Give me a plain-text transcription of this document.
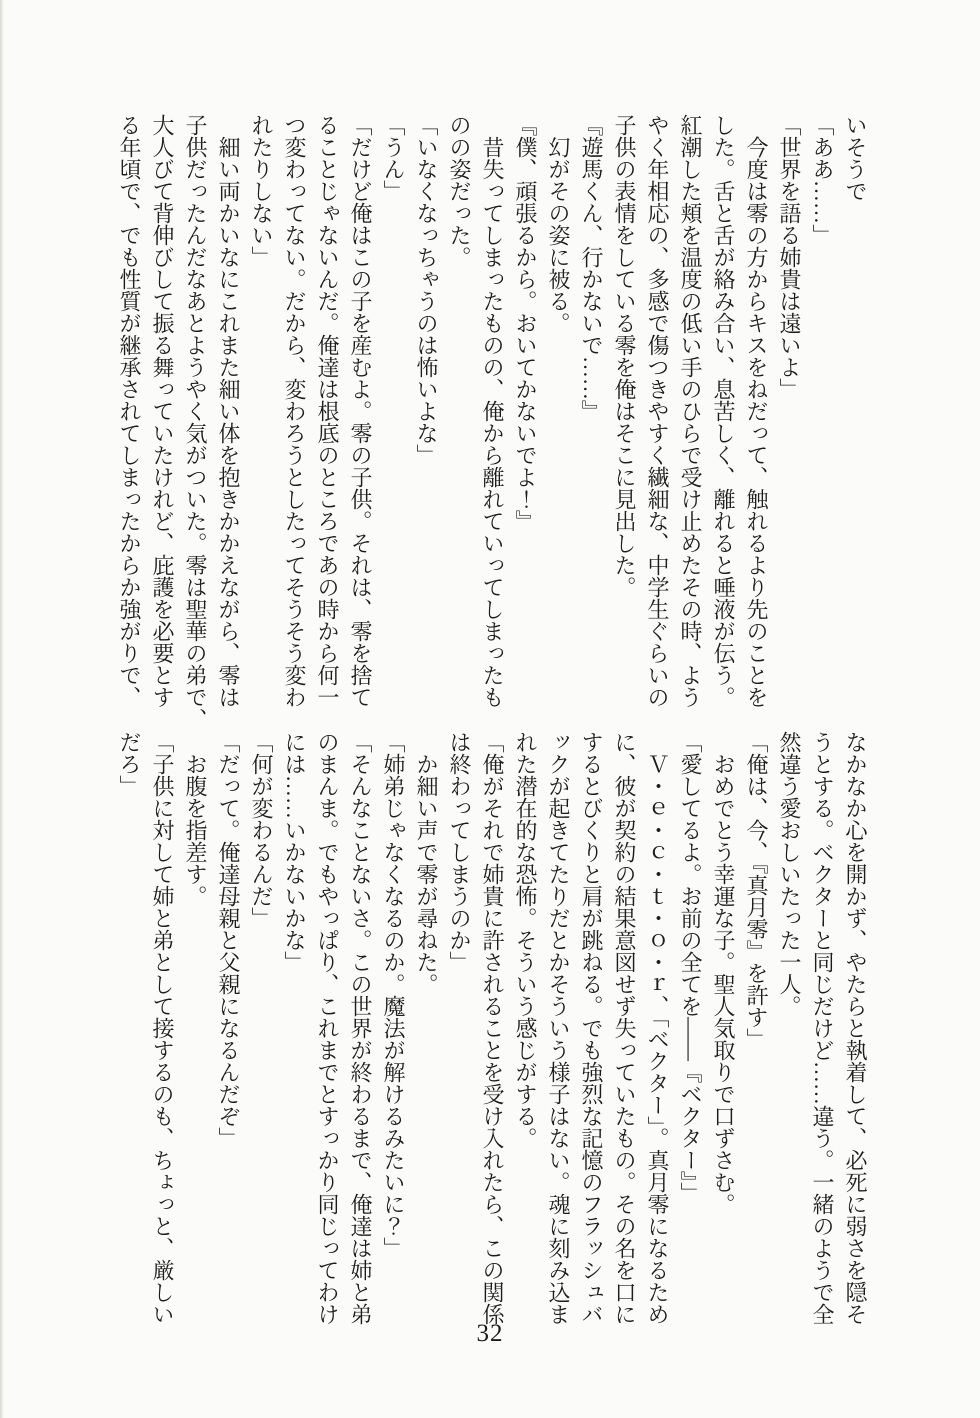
いそうで

「ああ……」

「世界を語る姉貴は遠いよ」

今度は零の方からキスをねだって、触れるより先のことを

した。舌と舌が絡み合い、息苦しく、離れると唾液が伝う。

紅潮した頬を温度の低い手のひらで受け止めたその時、よう

やく年相応の、多感で傷つきやすく繊細な、中学生ぐらいの

子供の表情をしている零を俺はそこに見出した。

『遊馬くん、行かないで……』

幻がその姿に被る。

『僕、頑張るから。おいてかないでよ！』

昔失ってしまったものの、俺から離れていってしまったも

のの姿だった。

「いなくなっちゃうのは怖いよな」

「うん」

「だけど俺はこの子を産むよ。零の子供。それは、零を捨て

ることじゃないんだ。俺達は根底のところであの時から何一

つ変わってない。だから、変わろうとしたってそうそう変わ

れたりしない」

細い両かいなにこれまた細い体を抱きかかえながら、零は

子供だったんだなあとようやく気がついた。零は聖華の弟で、

大人びて背伸びして振る舞っていたけれど、庇護を必要とす

る年頃で、でも性質が継承されてしまったからか強がりで、

なかなか心を開かず、やたらと執着して、必死に弱さを隠そ

うとする。ベクターと同じだけど……違う。一緒のようで全

然違う愛おしいたった一人。

「俺は、今、『真月零』を許す」

おめでとう幸運な子。聖人気取りで口ずさむ。

「愛してるよ。お前の全てを――『ベクター』」

Ｖ・ｅ・ｃ・ｔ・ｏ・ｒ、「ベクター」。真月零になるため

に、彼が契約の結果意図せず失っていたもの。その名を口に

するとびくりと肩が跳ねる。でも強烈な記憶のフラッシュバ

ックが起きてたりだとかそういう様子はない。魂に刻み込ま

れた潜在的な恐怖。そういう感じがする。

「俺がそれで姉貴に許されることを受け入れたら、この関係

は終わってしまうのか」

か細い声で零が尋ねた。

「姉弟じゃなくなるのか。魔法が解けるみたいに？」

「そんなことないさ。この世界が終わるまで、俺達は姉と弟

のまんま。でもやっぱり、これまでとすっかり同じってわけ

には……いかないかな」

「何が変わるんだ」

「だって。俺達母親と父親になるんだぞ」

お腹を指差す。

「子供に対して姉と弟として接するのも、ちょっと、厳しい

だろ」

32
